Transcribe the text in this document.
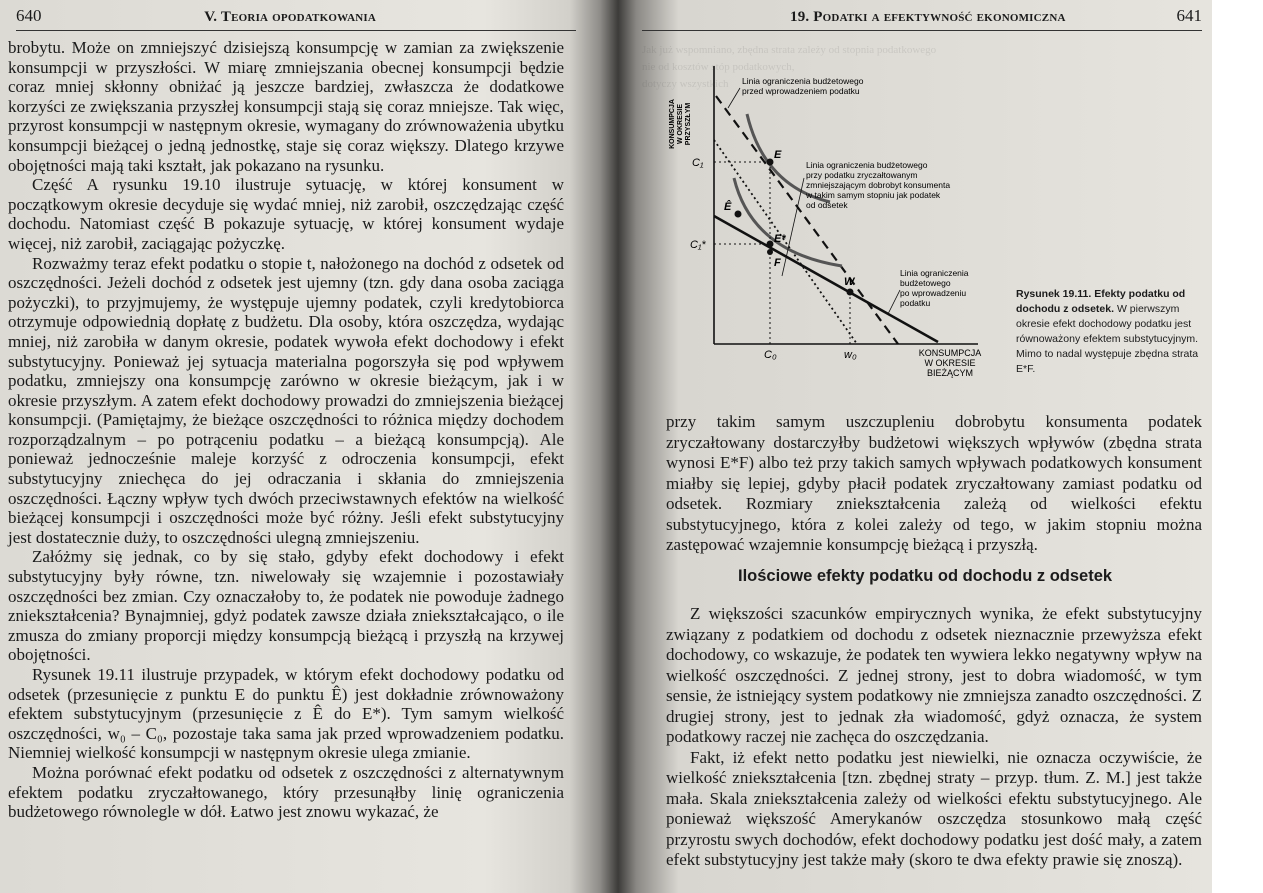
640	V. Teoria opodatkowania

brobytu. Może on zmniejszyć dzisiejszą konsumpcję w zamian za zwiększenie konsumpcji w przyszłości. W miarę zmniejszania obecnej konsumpcji będzie coraz mniej skłonny obniżać ją jeszcze bardziej, zwłaszcza że dodatkowe korzyści ze zwiększania przyszłej konsumpcji stają się coraz mniejsze. Tak więc, przyrost konsumpcji w następnym okresie, wymagany do zrównoważenia ubytku konsumpcji bieżącej o jedną jednostkę, staje się coraz większy. Dlatego krzywe obojętności mają taki kształt, jak pokazano na rysunku.

Część A rysunku 19.10 ilustruje sytuację, w której konsument w początkowym okresie decyduje się wydać mniej, niż zarobił, oszczędzając część dochodu. Natomiast część B pokazuje sytuację, w której konsument wydaje więcej, niż zarobił, zaciągając pożyczkę.

Rozważmy teraz efekt podatku o stopie t, nałożonego na dochód z odsetek od oszczędności. Jeżeli dochód z odsetek jest ujemny (tzn. gdy dana osoba zaciąga pożyczki), to przyjmujemy, że występuje ujemny podatek, czyli kredytobiorca otrzymuje odpowiednią dopłatę z budżetu. Dla osoby, która oszczędza, wydając mniej, niż zarobiła w danym okresie, podatek wywoła efekt dochodowy i efekt substytucyjny. Ponieważ jej sytuacja materialna pogorszyła się pod wpływem podatku, zmniejszy ona konsumpcję zarówno w okresie bieżącym, jak i w okresie przyszłym. A zatem efekt dochodowy prowadzi do zmniejszenia bieżącej konsumpcji. (Pamiętajmy, że bieżące oszczędności to różnica między dochodem rozporządzalnym – po potrąceniu podatku – a bieżącą konsumpcją). Ale ponieważ jednocześnie maleje korzyść z odroczenia konsumpcji, efekt substytucyjny zniechęca do jej odraczania i skłania do zmniejszenia oszczędności. Łączny wpływ tych dwóch przeciwstawnych efektów na wielkość bieżącej konsumpcji i oszczędności może być różny. Jeśli efekt substytucyjny jest dostatecznie duży, to oszczędności ulegną zmniejszeniu.

Załóżmy się jednak, co by się stało, gdyby efekt dochodowy i efekt substytucyjny były równe, tzn. niwelowały się wzajemnie i pozostawiały oszczędności bez zmian. Czy oznaczałoby to, że podatek nie powoduje żadnego zniekształcenia? Bynajmniej, gdyż podatek zawsze działa zniekształcająco, o ile zmusza do zmiany proporcji między konsumpcją bieżącą i przyszłą na krzywej obojętności.

Rysunek 19.11 ilustruje przypadek, w którym efekt dochodowy podatku od odsetek (przesunięcie z punktu E do punktu Ê) jest dokładnie zrównoważony efektem substytucyjnym (przesunięcie z Ê do E*). Tym samym wielkość oszczędności, w₀ – C₀, pozostaje taka sama jak przed wprowadzeniem podatku. Niemniej wielkość konsumpcji w następnym okresie ulega zmianie.

Można porównać efekt podatku od odsetek z oszczędności z alternatywnym efektem podatku zryczałtowanego, który przesunąłby linię ograniczenia budżetowego równolegle w dół. Łatwo jest znowu wykazać, że

19. Podatki a efektywność ekonomiczna	641
Jak już wspomniano, zbędna strata zależy od stopnia podatkowego
nie od kosztów stóp podatkowych,
dotyczy wszystkich
KONSUMPCJA W OKRESIE PRZYSZŁYM
KONSUMPCJA
W OKRESIE
BIEŻĄCYM
E
Ê
E*
F
W
C₁
C₁*
C₀	w₀
Linia ograniczenia budżetowego
przed wprowadzeniem podatku
Linia ograniczenia budżetowego
przy podatku zryczałtowanym
zmniejszającym dobrobyt konsumenta
w takim samym stopniu jak podatek
od odsetek
Linia ograniczenia
budżetowego
po wprowadzeniu
podatku
Rysunek 19.11. Efekty podatku od dochodu z odsetek. W pierwszym okresie efekt dochodowy podatku jest równoważony efektem substytucyjnym. Mimo to nadal występuje zbędna strata E*F.

przy takim samym uszczupleniu dobrobytu konsumenta podatek zryczałtowany dostarczyłby budżetowi większych wpływów (zbędna strata wynosi E*F) albo też przy takich samych wpływach podatkowych konsument miałby się lepiej, gdyby płacił podatek zryczałtowany zamiast podatku od odsetek. Rozmiary zniekształcenia zależą od wielkości efektu substytucyjnego, która z kolei zależy od tego, w jakim stopniu można zastępować wzajemnie konsumpcję bieżącą i przyszłą.

Ilościowe efekty podatku od dochodu z odsetek

Z większości szacunków empirycznych wynika, że efekt substytucyjny związany z podatkiem od dochodu z odsetek nieznacznie przewyższa efekt dochodowy, co wskazuje, że podatek ten wywiera lekko negatywny wpływ na wielkość oszczędności. Z jednej strony, jest to dobra wiadomość, w tym sensie, że istniejący system podatkowy nie zmniejsza zanadto oszczędności. Z drugiej strony, jest to jednak zła wiadomość, gdyż oznacza, że system podatkowy raczej nie zachęca do oszczędzania.

Fakt, iż efekt netto podatku jest niewielki, nie oznacza oczywiście, że wielkość zniekształcenia [tzn. zbędnej straty – przyp. tłum. Z. M.] jest także mała. Skala zniekształcenia zależy od wielkości efektu substytucyjnego. Ale ponieważ większość Amerykanów oszczędza stosunkowo małą część przyrostu swych dochodów, efekt dochodowy podatku jest dość mały, a zatem efekt substytucyjny jest także mały (skoro te dwa efekty prawie się znoszą).
